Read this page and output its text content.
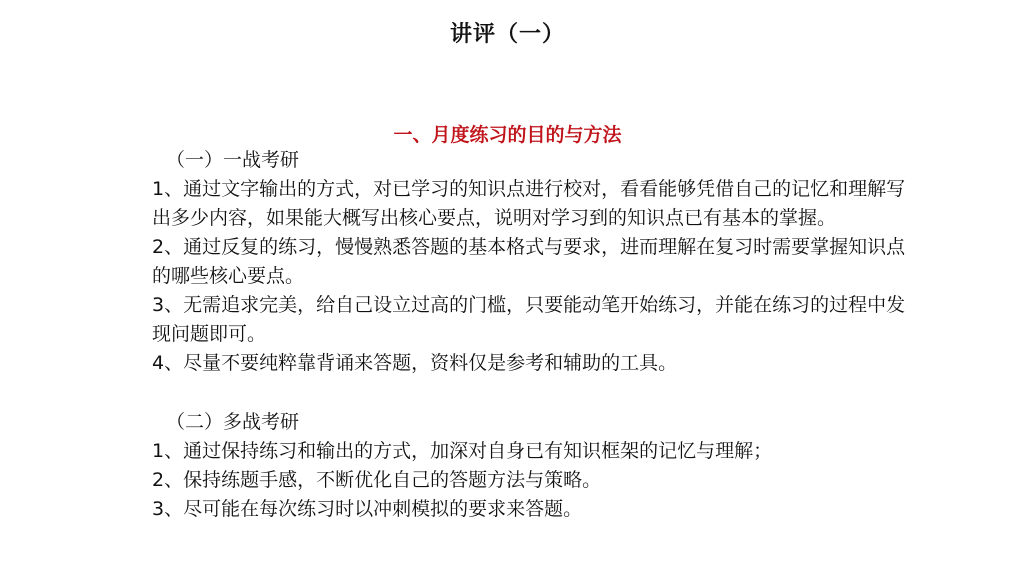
讲评（一）
一、月度练习的目的与方法
（一）一战考研

1、通过文字输出的方式，对已学习的知识点进行校对，看看能够凭借自己的记忆和理解写出多少内容，如果能大概写出核心要点，说明对学习到的知识点已有基本的掌握。

2、通过反复的练习，慢慢熟悉答题的基本格式与要求，进而理解在复习时需要掌握知识点的哪些核心要点。

3、无需追求完美，给自己设立过高的门槛，只要能动笔开始练习，并能在练习的过程中发现问题即可。

4、尽量不要纯粹靠背诵来答题，资料仅是参考和辅助的工具。

（二）多战考研

1、通过保持练习和输出的方式，加深对自身已有知识框架的记忆与理解；

2、保持练题手感，不断优化自己的答题方法与策略。

3、尽可能在每次练习时以冲刺模拟的要求来答题。
